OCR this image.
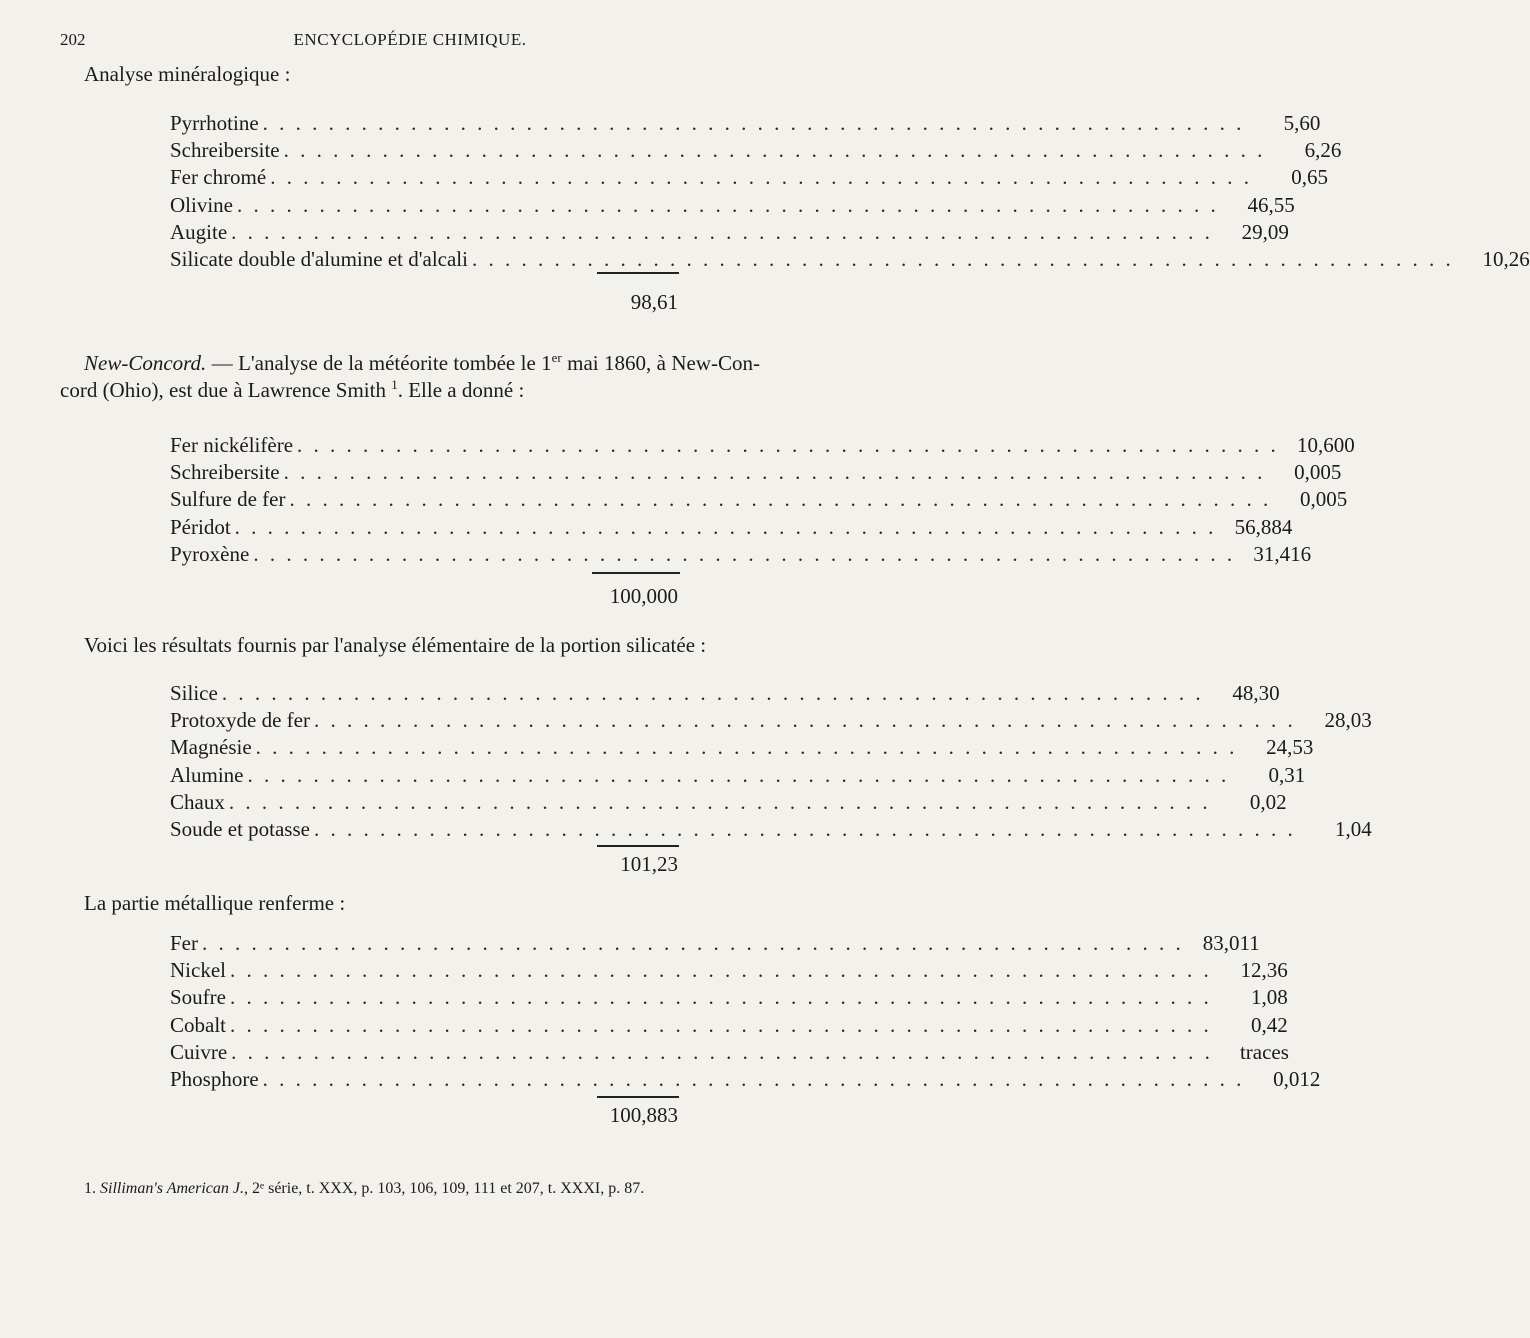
202	ENCYCLOPÉDIE CHIMIQUE.
Analyse minéralogique :
Pyrrhotine . . . . . . . . . . . . . . . . . . . . . . . . . . . . . . . . . . . . . . . . . . . . . . . . . . . . . . . . . . . .	5,60
Schreibersite . . . . . . . . . . . . . . . . . . . . . . . . . . . . . . . . . . . . . . . . . . . . . . . . . . . . . . . . . . . .	6,26
Fer chromé . . . . . . . . . . . . . . . . . . . . . . . . . . . . . . . . . . . . . . . . . . . . . . . . . . . . . . . . . . . .	0,65
Olivine . . . . . . . . . . . . . . . . . . . . . . . . . . . . . . . . . . . . . . . . . . . . . . . . . . . . . . . . . . . .	46,55
Augite . . . . . . . . . . . . . . . . . . . . . . . . . . . . . . . . . . . . . . . . . . . . . . . . . . . . . . . . . . . .	29,09
Silicate double d'alumine et d'alcali . . . . . . . . . . . . . . . . . . . . . . . . . . . . . . . . . . . . . . . . . . . . . . . . . . . . . . . . . . . .	10,26
98,61
New-Concord. — L'analyse de la météorite tombée le 1er mai 1860, à New-Con-
cord (Ohio), est due à Lawrence Smith $^1$. Elle a donné :
Fer nickélifère . . . . . . . . . . . . . . . . . . . . . . . . . . . . . . . . . . . . . . . . . . . . . . . . . . . . . . . . . . . . 10,600
Schreibersite . . . . . . . . . . . . . . . . . . . . . . . . . . . . . . . . . . . . . . . . . . . . . . . . . . . . . . . . . . . .	0,005
Sulfure de fer . . . . . . . . . . . . . . . . . . . . . . . . . . . . . . . . . . . . . . . . . . . . . . . . . . . . . . . . . . . .	0,005
Péridot . . . . . . . . . . . . . . . . . . . . . . . . . . . . . . . . . . . . . . . . . . . . . . . . . . . . . . . . . . . . 56,884
Pyroxène . . . . . . . . . . . . . . . . . . . . . . . . . . . . . . . . . . . . . . . . . . . . . . . . . . . . . . . . . . . . 31,416
100,000
Voici les résultats fournis par l'analyse élémentaire de la portion silicatée :
Silice . . . . . . . . . . . . . . . . . . . . . . . . . . . . . . . . . . . . . . . . . . . . . . . . . . . . . . . . . . . .	48,30
Protoxyde de fer . . . . . . . . . . . . . . . . . . . . . . . . . . . . . . . . . . . . . . . . . . . . . . . . . . . . . . . . . . . .	28,03
Magnésie . . . . . . . . . . . . . . . . . . . . . . . . . . . . . . . . . . . . . . . . . . . . . . . . . . . . . . . . . . . .	24,53
Alumine . . . . . . . . . . . . . . . . . . . . . . . . . . . . . . . . . . . . . . . . . . . . . . . . . . . . . . . . . . . .	0,31
Chaux . . . . . . . . . . . . . . . . . . . . . . . . . . . . . . . . . . . . . . . . . . . . . . . . . . . . . . . . . . . .	0,02
Soude et potasse . . . . . . . . . . . . . . . . . . . . . . . . . . . . . . . . . . . . . . . . . . . . . . . . . . . . . . . . . . . .	1,04
101,23
La partie métallique renferme :
Fer . . . . . . . . . . . . . . . . . . . . . . . . . . . . . . . . . . . . . . . . . . . . . . . . . . . . . . . . . . . . 83,011
Nickel . . . . . . . . . . . . . . . . . . . . . . . . . . . . . . . . . . . . . . . . . . . . . . . . . . . . . . . . . . . .	12,36
Soufre . . . . . . . . . . . . . . . . . . . . . . . . . . . . . . . . . . . . . . . . . . . . . . . . . . . . . . . . . . . .	1,08
Cobalt . . . . . . . . . . . . . . . . . . . . . . . . . . . . . . . . . . . . . . . . . . . . . . . . . . . . . . . . . . . .	0,42
Cuivre . . . . . . . . . . . . . . . . . . . . . . . . . . . . . . . . . . . . . . . . . . . . . . . . . . . . . . . . . . . .	traces
Phosphore . . . . . . . . . . . . . . . . . . . . . . . . . . . . . . . . . . . . . . . . . . . . . . . . . . . . . . . . . . . .	0,012
100,883
1. Silliman's American J., 2ᵉ série, t. XXX, p. 103, 106, 109, 111 et 207, t. XXXI, p. 87.
